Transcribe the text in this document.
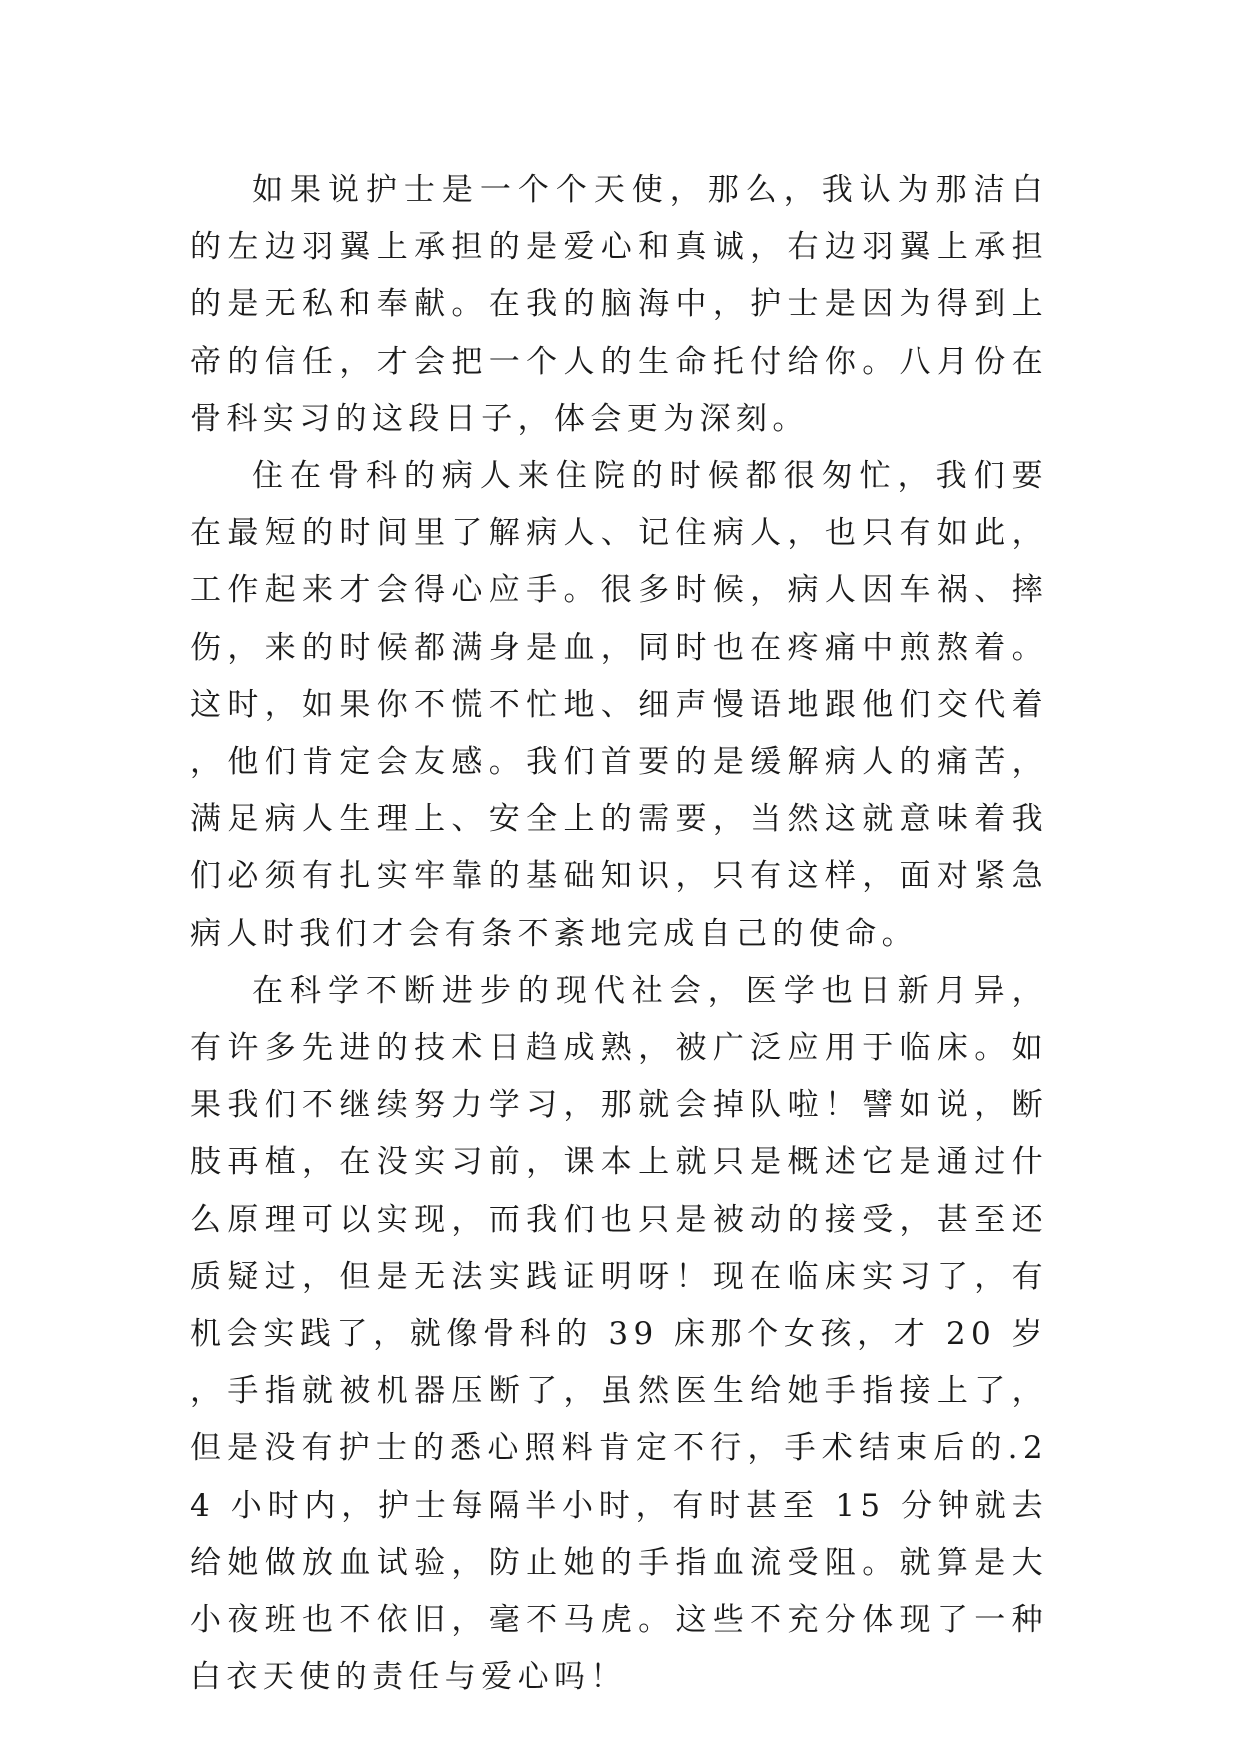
如果说护士是一个个天使，那么，我认为那洁白的左边羽翼上承担的是爱心和真诚，右边羽翼上承担的是无私和奉献。在我的脑海中，护士是因为得到上帝的信任，才会把一个人的生命托付给你。八月份在骨科实习的这段日子，体会更为深刻。

住在骨科的病人来住院的时候都很匆忙，我们要在最短的时间里了解病人、记住病人，也只有如此，工作起来才会得心应手。很多时候，病人因车祸、摔伤，来的时候都满身是血，同时也在疼痛中煎熬着。这时，如果你不慌不忙地、细声慢语地跟他们交代着，他们肯定会友感。我们首要的是缓解病人的痛苦，满足病人生理上、安全上的需要，当然这就意味着我们必须有扎实牢靠的基础知识，只有这样，面对紧急病人时我们才会有条不紊地完成自己的使命。

在科学不断进步的现代社会，医学也日新月异，有许多先进的技术日趋成熟，被广泛应用于临床。如果我们不继续努力学习，那就会掉队啦！譬如说，断肢再植，在没实习前，课本上就只是概述它是通过什么原理可以实现，而我们也只是被动的接受，甚至还质疑过，但是无法实践证明呀！现在临床实习了，有机会实践了，就像骨科的 39 床那个女孩，才 20 岁，手指就被机器压断了，虽然医生给她手指接上了，但是没有护士的悉心照料肯定不行，手术结束后的.24 小时内，护士每隔半小时，有时甚至 15 分钟就去给她做放血试验，防止她的手指血流受阻。就算是大小夜班也不依旧，毫不马虎。这些不充分体现了一种白衣天使的责任与爱心吗！
